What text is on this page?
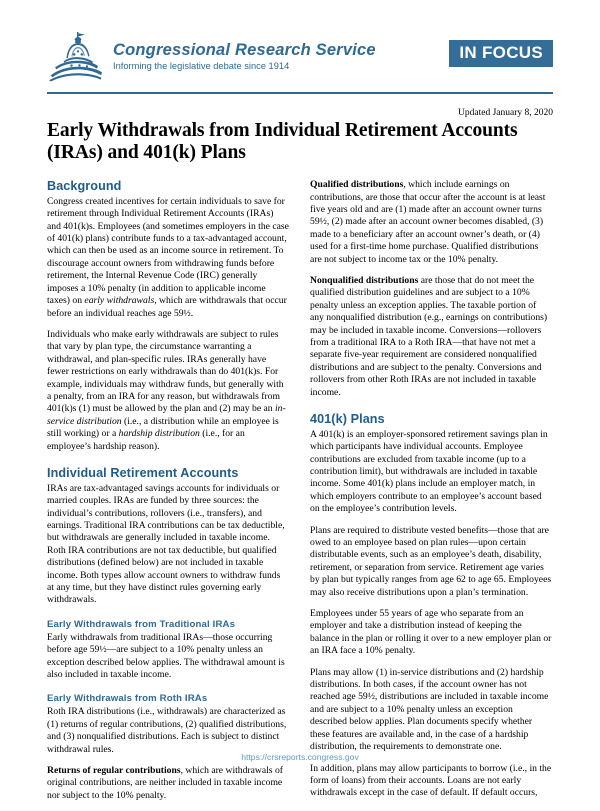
Congressional Research Service
Informing the legislative debate since 1914
IN FOCUS
Updated January 8, 2020
Early Withdrawals from Individual Retirement Accounts (IRAs) and 401(k) Plans
Background

Congress created incentives for certain individuals to save for retirement through Individual Retirement Accounts (IRAs) and 401(k)s. Employees (and sometimes employers in the case of 401(k) plans) contribute funds to a tax-advantaged account, which can then be used as an income source in retirement. To discourage account owners from withdrawing funds before retirement, the Internal Revenue Code (IRC) generally imposes a 10% penalty (in addition to applicable income taxes) on early withdrawals, which are withdrawals that occur before an individual reaches age 59½.

Individuals who make early withdrawals are subject to rules that vary by plan type, the circumstance warranting a withdrawal, and plan-specific rules. IRAs generally have fewer restrictions on early withdrawals than do 401(k)s. For example, individuals may withdraw funds, but generally with a penalty, from an IRA for any reason, but withdrawals from 401(k)s (1) must be allowed by the plan and (2) may be an in-service distribution (i.e., a distribution while an employee is still working) or a hardship distribution (i.e., for an employee’s hardship reason).

Individual Retirement Accounts

IRAs are tax-advantaged savings accounts for individuals or married couples. IRAs are funded by three sources: the individual’s contributions, rollovers (i.e., transfers), and earnings. Traditional IRA contributions can be tax deductible, but withdrawals are generally included in taxable income. Roth IRA contributions are not tax deductible, but qualified distributions (defined below) are not included in taxable income. Both types allow account owners to withdraw funds at any time, but they have distinct rules governing early withdrawals.

Early Withdrawals from Traditional IRAs

Early withdrawals from traditional IRAs—those occurring before age 59½—are subject to a 10% penalty unless an exception described below applies. The withdrawal amount is also included in taxable income.

Early Withdrawals from Roth IRAs

Roth IRA distributions (i.e., withdrawals) are characterized as (1) returns of regular contributions, (2) qualified distributions, and (3) nonqualified distributions. Each is subject to distinct withdrawal rules.

Returns of regular contributions, which are withdrawals of original contributions, are neither included in taxable income nor subject to the 10% penalty.

Qualified distributions, which include earnings on contributions, are those that occur after the account is at least five years old and are (1) made after an account owner turns 59½, (2) made after an account owner becomes disabled, (3) made to a beneficiary after an account owner’s death, or (4) used for a first-time home purchase. Qualified distributions are not subject to income tax or the 10% penalty.

Nonqualified distributions are those that do not meet the qualified distribution guidelines and are subject to a 10% penalty unless an exception applies. The taxable portion of any nonqualified distribution (e.g., earnings on contributions) may be included in taxable income. Conversions—rollovers from a traditional IRA to a Roth IRA—that have not met a separate five-year requirement are considered nonqualified distributions and are subject to the penalty. Conversions and rollovers from other Roth IRAs are not included in taxable income.

401(k) Plans

A 401(k) is an employer-sponsored retirement savings plan in which participants have individual accounts. Employee contributions are excluded from taxable income (up to a contribution limit), but withdrawals are included in taxable income. Some 401(k) plans include an employer match, in which employers contribute to an employee’s account based on the employee’s contribution levels.

Plans are required to distribute vested benefits—those that are owed to an employee based on plan rules—upon certain distributable events, such as an employee’s death, disability, retirement, or separation from service. Retirement age varies by plan but typically ranges from age 62 to age 65. Employees may also receive distributions upon a plan’s termination.

Employees under 55 years of age who separate from an employer and take a distribution instead of keeping the balance in the plan or rolling it over to a new employer plan or an IRA face a 10% penalty.

Plans may allow (1) in-service distributions and (2) hardship distributions. In both cases, if the account owner has not reached age 59½, distributions are included in taxable income and are subject to a 10% penalty unless an exception described below applies. Plan documents specify whether these features are available and, in the case of a hardship distribution, the requirements to demonstrate one.

In addition, plans may allow participants to borrow (i.e., in the form of loans) from their accounts. Loans are not early withdrawals except in the case of default. If default occurs,

https://crsreports.congress.gov
